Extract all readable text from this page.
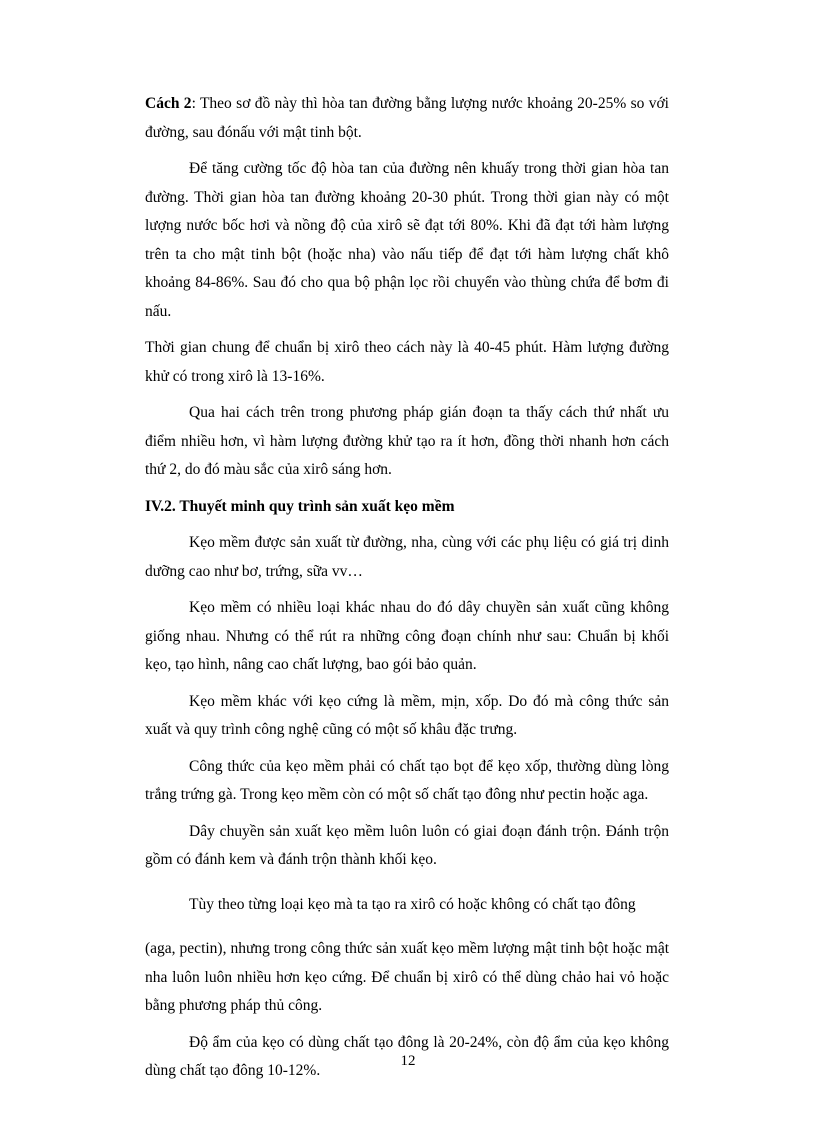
Cách 2: Theo sơ đồ này thì hòa tan đường bằng lượng nước khoảng 20-25% so với đường, sau đónấu với mật tinh bột.

Để tăng cường tốc độ hòa tan của đường nên khuấy trong thời gian hòa tan đường. Thời gian hòa tan đường khoảng 20-30 phút. Trong thời gian này có một lượng nước bốc hơi và nồng độ của xirô sẽ đạt tới 80%. Khi đã đạt tới hàm lượng trên ta cho mật tinh bột (hoặc nha) vào nấu tiếp để đạt tới hàm lượng chất khô khoảng 84-86%. Sau đó cho qua bộ phận lọc rồi chuyển vào thùng chứa để bơm đi nấu.

Thời gian chung để chuẩn bị xirô theo cách này là 40-45 phút. Hàm lượng đường khử có trong xirô là 13-16%.

Qua hai cách trên trong phương pháp gián đoạn ta thấy cách thứ nhất ưu điểm nhiều hơn, vì hàm lượng đường khử tạo ra ít hơn, đồng thời nhanh hơn cách thứ 2, do đó màu sắc của xirô sáng hơn.

IV.2. Thuyết minh quy trình sản xuất kẹo mềm

Kẹo mềm được sản xuất từ đường, nha, cùng với các phụ liệu có giá trị dinh dưỡng cao như bơ, trứng, sữa vv…

Kẹo mềm có nhiều loại khác nhau do đó dây chuyền sản xuất cũng không giống nhau. Nhưng có thể rút ra những công đoạn chính như sau: Chuẩn bị khối kẹo, tạo hình, nâng cao chất lượng, bao gói bảo quản.

Kẹo mềm khác với kẹo cứng là mềm, mịn, xốp. Do đó mà công thức sản xuất và quy trình công nghệ cũng có một số khâu đặc trưng.

Công thức của kẹo mềm phải có chất tạo bọt để kẹo xốp, thường dùng lòng trắng trứng gà. Trong kẹo mềm còn có một số chất tạo đông như pectin hoặc aga.

Dây chuyền sản xuất kẹo mềm luôn luôn có giai đoạn đánh trộn. Đánh trộn gồm có đánh kem và đánh trộn thành khối kẹo.

Tùy theo từng loại kẹo mà ta tạo ra xirô có hoặc không có chất tạo đông

(aga, pectin), nhưng trong công thức sản xuất kẹo mềm lượng mật tinh bột hoặc mật nha luôn luôn nhiều hơn kẹo cứng. Để chuẩn bị xirô có thể dùng chảo hai vỏ hoặc bằng phương pháp thủ công.

Độ ẩm của kẹo có dùng chất tạo đông là 20-24%, còn độ ẩm của kẹo không dùng chất tạo đông 10-12%.

12
